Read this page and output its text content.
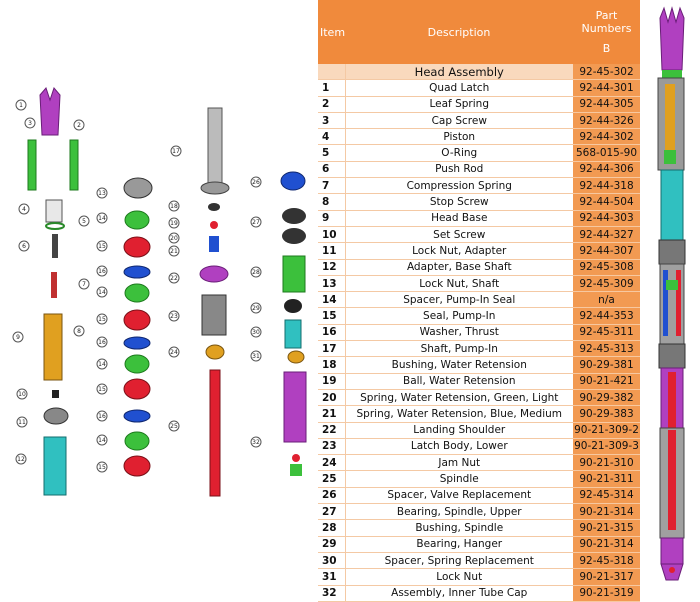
1
2
3
4
5
6
7
8
9
10
11
12
13
14
15
16
14
15
16
14
15
16
14
15
17
18
19
20
21
22
23
24
25
26
27
28
29
30
31
32
Item	Description	Part
Numbers
B

	Head Assembly	92-45-302
1	Quad Latch	92-44-301
2	Leaf Spring	92-44-305
3	Cap Screw	92-44-326
4	Piston	92-44-302
5	O-Ring	568-015-90
6	Push Rod	92-44-306
7	Compression Spring	92-44-318
8	Stop Screw	92-44-504
9	Head Base	92-44-303
10	Set Screw	92-44-327
11	Lock Nut, Adapter	92-44-307
12	Adapter, Base Shaft	92-45-308
13	Lock Nut, Shaft	92-45-309
14	Spacer, Pump-In Seal	n/a
15	Seal, Pump-In	92-44-353
16	Washer, Thrust	92-45-311
17	Shaft, Pump-In	92-45-313
18	Bushing, Water Retension	90-29-381
19	Ball, Water Retension	90-21-421
20	Spring, Water Retension, Green, Light	90-29-382
21	Spring, Water Retension, Blue, Medium	90-29-383
22	Landing Shoulder	90-21-309-2
23	Latch Body, Lower	90-21-309-3
24	Jam Nut	90-21-310
25	Spindle	90-21-311
26	Spacer, Valve Replacement	92-45-314
27	Bearing, Spindle, Upper	90-21-314
28	Bushing, Spindle	90-21-315
29	Bearing, Hanger	90-21-314
30	Spacer, Spring Replacement	92-45-318
31	Lock Nut	90-21-317
32	Assembly, Inner Tube Cap	90-21-319
